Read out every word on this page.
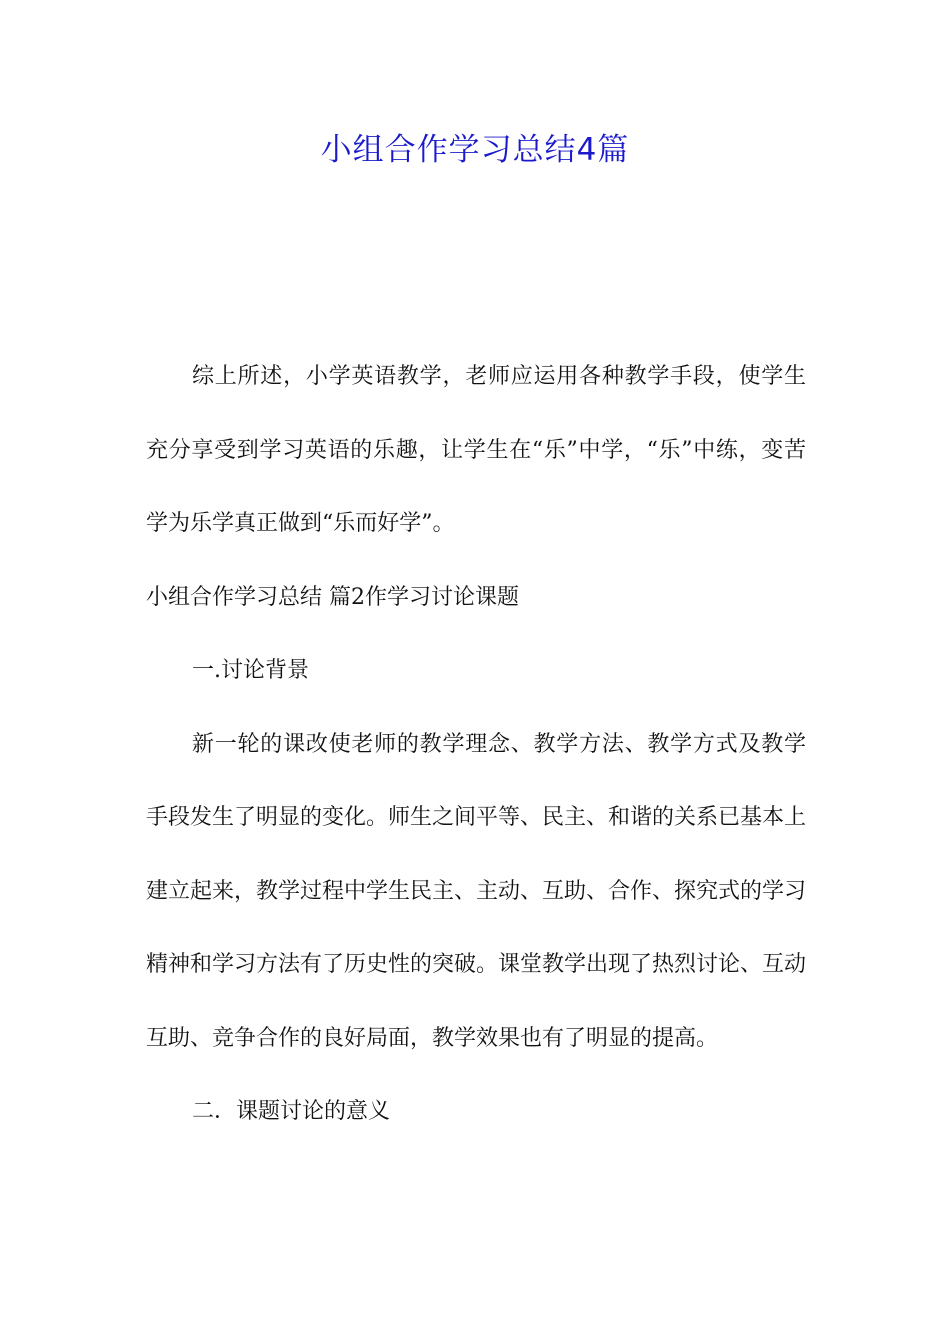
小组合作学习总结4篇

综上所述，小学英语教学，老师应运用各种教学手段，使学生充分享受到学习英语的乐趣，让学生在“乐”中学，“乐”中练，变苦学为乐学真正做到“乐而好学”。

小组合作学习总结 篇2作学习讨论课题

一.讨论背景

新一轮的课改使老师的教学理念、教学方法、教学方式及教学手段发生了明显的变化。师生之间平等、民主、和谐的关系已基本上建立起来，教学过程中学生民主、主动、互助、合作、探究式的学习精神和学习方法有了历史性的突破。课堂教学出现了热烈讨论、互动互助、竞争合作的良好局面，教学效果也有了明显的提高。

二．课题讨论的意义
